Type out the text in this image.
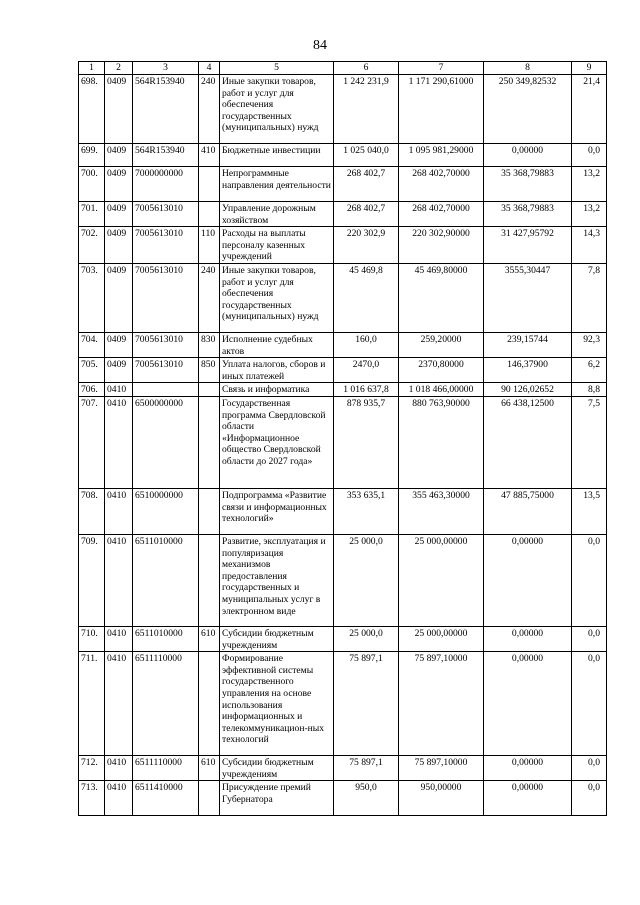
84
1	2	3	4	5	6	7	8	9
698.	0409	564R153940	240	Иные закупки товаров, работ и услуг для обеспечения государственных (муниципальных) нужд	1 242 231,9	1 171 290,61000	250 349,82532	21,4
699.	0409	564R153940	410	Бюджетные инвестиции	1 025 040,0	1 095 981,29000	0,00000	0,0
700.	0409	7000000000		Непрограммные направления деятельности	268 402,7	268 402,70000	35 368,79883	13,2
701.	0409	7005613010		Управление дорожным хозяйством	268 402,7	268 402,70000	35 368,79883	13,2
702.	0409	7005613010	110	Расходы на выплаты персоналу казенных учреждений	220 302,9	220 302,90000	31 427,95792	14,3
703.	0409	7005613010	240	Иные закупки товаров, работ и услуг для обеспечения государственных (муниципальных) нужд	45 469,8	45 469,80000	3555,30447	7,8
704.	0409	7005613010	830	Исполнение судебных актов	160,0	259,20000	239,15744	92,3
705.	0409	7005613010	850	Уплата налогов, сборов и иных платежей	2470,0	2370,80000	146,37900	6,2
706.	0410			Связь и информатика	1 016 637,8	1 018 466,00000	90 126,02652	8,8
707.	0410	6500000000		Государственная программа Свердловской области «Информационное общество Свердловской области до 2027 года»	878 935,7	880 763,90000	66 438,12500	7,5
708.	0410	6510000000		Подпрограмма «Развитие связи и информационных технологий»	353 635,1	355 463,30000	47 885,75000	13,5
709.	0410	6511010000		Развитие, эксплуатация и популяризация механизмов предоставления государственных и муниципальных услуг в электронном виде	25 000,0	25 000,00000	0,00000	0,0
710.	0410	6511010000	610	Субсидии бюджетным учреждениям	25 000,0	25 000,00000	0,00000	0,0
711.	0410	6511110000		Формирование эффективной системы государственного управления на основе использования информационных и телекоммуникацион-ных технологий	75 897,1	75 897,10000	0,00000	0,0
712.	0410	6511110000	610	Субсидии бюджетным учреждениям	75 897,1	75 897,10000	0,00000	0,0
713.	0410	6511410000		Присуждение премий Губернатора	950,0	950,00000	0,00000	0,0
